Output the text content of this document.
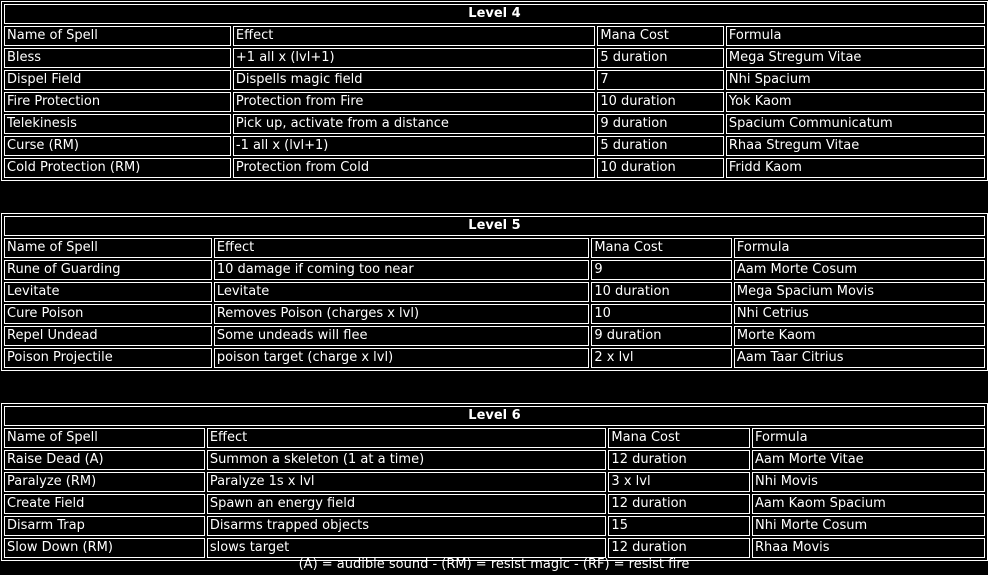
Level 4			
Name of Spell	Effect	Mana Cost	Formula
Bless	+1 all x (lvl+1)	5 duration	Mega Stregum Vitae
Dispel Field	Dispells magic field	7	Nhi Spacium
Fire Protection	Protection from Fire	10 duration	Yok Kaom
Telekinesis	Pick up, activate from a distance	9 duration	Spacium Communicatum
Curse (RM)	-1 all x (lvl+1)	5 duration	Rhaa Stregum Vitae
Cold Protection (RM)	Protection from Cold	10 duration	Fridd Kaom
Level 5			
Name of Spell	Effect	Mana Cost	Formula
Rune of Guarding	10 damage if coming too near	9	Aam Morte Cosum
Levitate	Levitate	10 duration	Mega Spacium Movis
Cure Poison	Removes Poison (charges x lvl)	10	Nhi Cetrius
Repel Undead	Some undeads will flee	9 duration	Morte Kaom
Poison Projectile	poison target (charge x lvl)	2 x lvl	Aam Taar Citrius
Level 6			
Name of Spell	Effect	Mana Cost	Formula
Raise Dead (A)	Summon a skeleton (1 at a time)	12 duration	Aam Morte Vitae
Paralyze (RM)	Paralyze 1s x lvl	3 x lvl	Nhi Movis
Create Field	Spawn an energy field	12 duration	Aam Kaom Spacium
Disarm Trap	Disarms trapped objects	15	Nhi Morte Cosum
Slow Down (RM)	slows target	12 duration	Rhaa Movis
(A) = audible sound - (RM) = resist magic - (RF) = resist fire
